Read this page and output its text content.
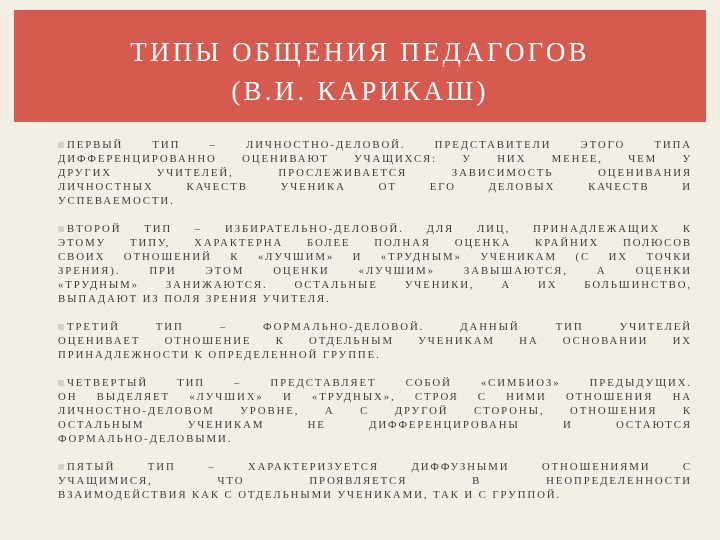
ТИПЫ ОБЩЕНИЯ ПЕДАГОГОВ
(В.И. КАРИКАШ)
ПЕРВЫЙ ТИП – ЛИЧНОСТНО-ДЕЛОВОЙ. ПРЕДСТАВИТЕЛИ ЭТОГО ТИПА
ДИФФЕРЕНЦИРОВАННО ОЦЕНИВАЮТ УЧАЩИХСЯ: У НИХ МЕНЕЕ, ЧЕМ У
ДРУГИХ УЧИТЕЛЕЙ, ПРОСЛЕЖИВАЕТСЯ ЗАВИСИМОСТЬ ОЦЕНИВАНИЯ
ЛИЧНОСТНЫХ КАЧЕСТВ УЧЕНИКА ОТ ЕГО ДЕЛОВЫХ КАЧЕСТВ И
УСПЕВАЕМОСТИ.
ВТОРОЙ ТИП – ИЗБИРАТЕЛЬНО-ДЕЛОВОЙ. ДЛЯ ЛИЦ, ПРИНАДЛЕЖАЩИХ К
ЭТОМУ ТИПУ, ХАРАКТЕРНА БОЛЕЕ ПОЛНАЯ ОЦЕНКА КРАЙНИХ ПОЛЮСОВ
СВОИХ ОТНОШЕНИЙ К «ЛУЧШИМ» И «ТРУДНЫМ» УЧЕНИКАМ (С ИХ ТОЧКИ
ЗРЕНИЯ). ПРИ ЭТОМ ОЦЕНКИ «ЛУЧШИМ» ЗАВЫШАЮТСЯ, А ОЦЕНКИ
«ТРУДНЫМ» ЗАНИЖАЮТСЯ. ОСТАЛЬНЫЕ УЧЕНИКИ, А ИХ БОЛЬШИНСТВО,
ВЫПАДАЮТ ИЗ ПОЛЯ ЗРЕНИЯ УЧИТЕЛЯ.
ТРЕТИЙ ТИП – ФОРМАЛЬНО-ДЕЛОВОЙ. ДАННЫЙ ТИП УЧИТЕЛЕЙ
ОЦЕНИВАЕТ ОТНОШЕНИЕ К ОТДЕЛЬНЫМ УЧЕНИКАМ НА ОСНОВАНИИ ИХ
ПРИНАДЛЕЖНОСТИ К ОПРЕДЕЛЕННОЙ ГРУППЕ.
ЧЕТВЕРТЫЙ ТИП – ПРЕДСТАВЛЯЕТ СОБОЙ «СИМБИОЗ» ПРЕДЫДУЩИХ.
ОН ВЫДЕЛЯЕТ «ЛУЧШИХ» И «ТРУДНЫХ», СТРОЯ С НИМИ ОТНОШЕНИЯ НА
ЛИЧНОСТНО-ДЕЛОВОМ УРОВНЕ, А С ДРУГОЙ СТОРОНЫ, ОТНОШЕНИЯ К
ОСТАЛЬНЫМ УЧЕНИКАМ НЕ ДИФФЕРЕНЦИРОВАНЫ И ОСТАЮТСЯ
ФОРМАЛЬНО-ДЕЛОВЫМИ.
ПЯТЫЙ ТИП – ХАРАКТЕРИЗУЕТСЯ ДИФФУЗНЫМИ ОТНОШЕНИЯМИ С
УЧАЩИМИСЯ, ЧТО ПРОЯВЛЯЕТСЯ В НЕОПРЕДЕЛЕННОСТИ
ВЗАИМОДЕЙСТВИЯ КАК С ОТДЕЛЬНЫМИ УЧЕНИКАМИ, ТАК И С ГРУППОЙ.
